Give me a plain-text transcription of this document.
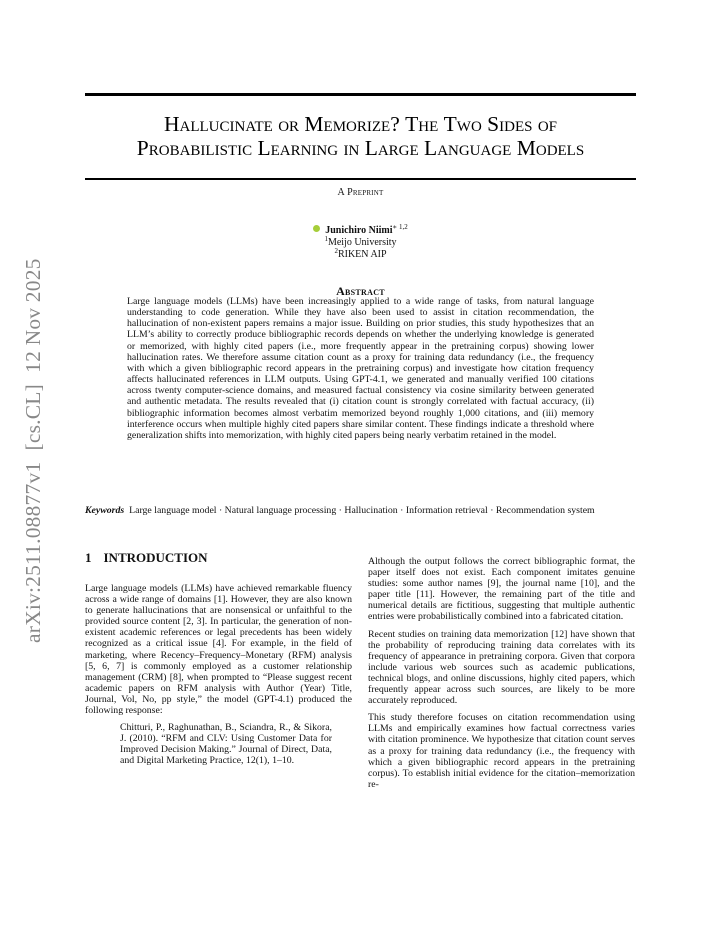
arXiv:2511.08877v1  [cs.CL]  12 Nov 2025
Hallucinate or Memorize? The Two Sides of
Probabilistic Learning in Large Language Models
A Preprint
Junichiro Niimi$^{∗ 1,2}$
$^1$Meijo University
$^2$RIKEN AIP
Abstract

Large language models (LLMs) have been increasingly applied to a wide range of tasks, from natural language understanding to code generation. While they have also been used to assist in citation recommendation, the hallucination of non-existent papers remains a major issue. Building on prior studies, this study hypothesizes that an LLM’s ability to correctly produce bibliographic records depends on whether the underlying knowledge is generated or memorized, with highly cited papers (i.e., more frequently appear in the pretraining corpus) showing lower hallucination rates. We therefore assume citation count as a proxy for training data redundancy (i.e., the frequency with which a given bibliographic record appears in the pretraining corpus) and investigate how citation frequency affects hallucinated references in LLM outputs. Using GPT-4.1, we generated and manually verified 100 citations across twenty computer-science domains, and measured factual consistency via cosine similarity between generated and authentic metadata. The results revealed that (i) citation count is strongly correlated with factual accuracy, (ii) bibliographic information becomes almost verbatim memorized beyond roughly 1,000 citations, and (iii) memory interference occurs when multiple highly cited papers share similar content. These findings indicate a threshold where generalization shifts into memorization, with highly cited papers being nearly verbatim retained in the model.

Keywords Large language model · Natural language processing · Hallucination · Information retrieval · Recommendation system

1 INTRODUCTION

Large language models (LLMs) have achieved remarkable fluency across a wide range of domains [1]. However, they are also known to generate hallucinations that are nonsensical or unfaithful to the provided source content [2, 3]. In particular, the generation of non-existent academic references or legal precedents has been widely recognized as a critical issue [4]. For example, in the field of marketing, where Recency–Frequency–Monetary (RFM) analysis [5, 6, 7] is commonly employed as a customer relationship management (CRM) [8], when prompted to “Please suggest recent academic papers on RFM analysis with Author (Year) Title, Journal, Vol, No, pp style,” the model (GPT-4.1) produced the following response:

Chitturi, P., Raghunathan, B., Sciandra, R., & Sikora, J. (2010). “RFM and CLV: Using Customer Data for Improved Decision Making.” Journal of Direct, Data, and Digital Marketing Practice, 12(1), 1–10.

Although the output follows the correct bibliographic format, the paper itself does not exist. Each component imitates genuine studies: some author names [9], the journal name [10], and the paper title [11]. However, the remaining part of the title and numerical details are fictitious, suggesting that multiple authentic entries were probabilistically combined into a fabricated citation.

Recent studies on training data memorization [12] have shown that the probability of reproducing training data correlates with its frequency of appearance in pretraining corpora. Given that corpora include various web sources such as academic publications, technical blogs, and online discussions, highly cited papers, which frequently appear across such sources, are likely to be more accurately reproduced.

This study therefore focuses on citation recommendation using LLMs and empirically examines how factual correctness varies with citation prominence. We hypothesize that citation count serves as a proxy for training data redundancy (i.e., the frequency with which a given bibliographic record appears in the pretraining corpus). To establish initial evidence for the citation–memorization re-
